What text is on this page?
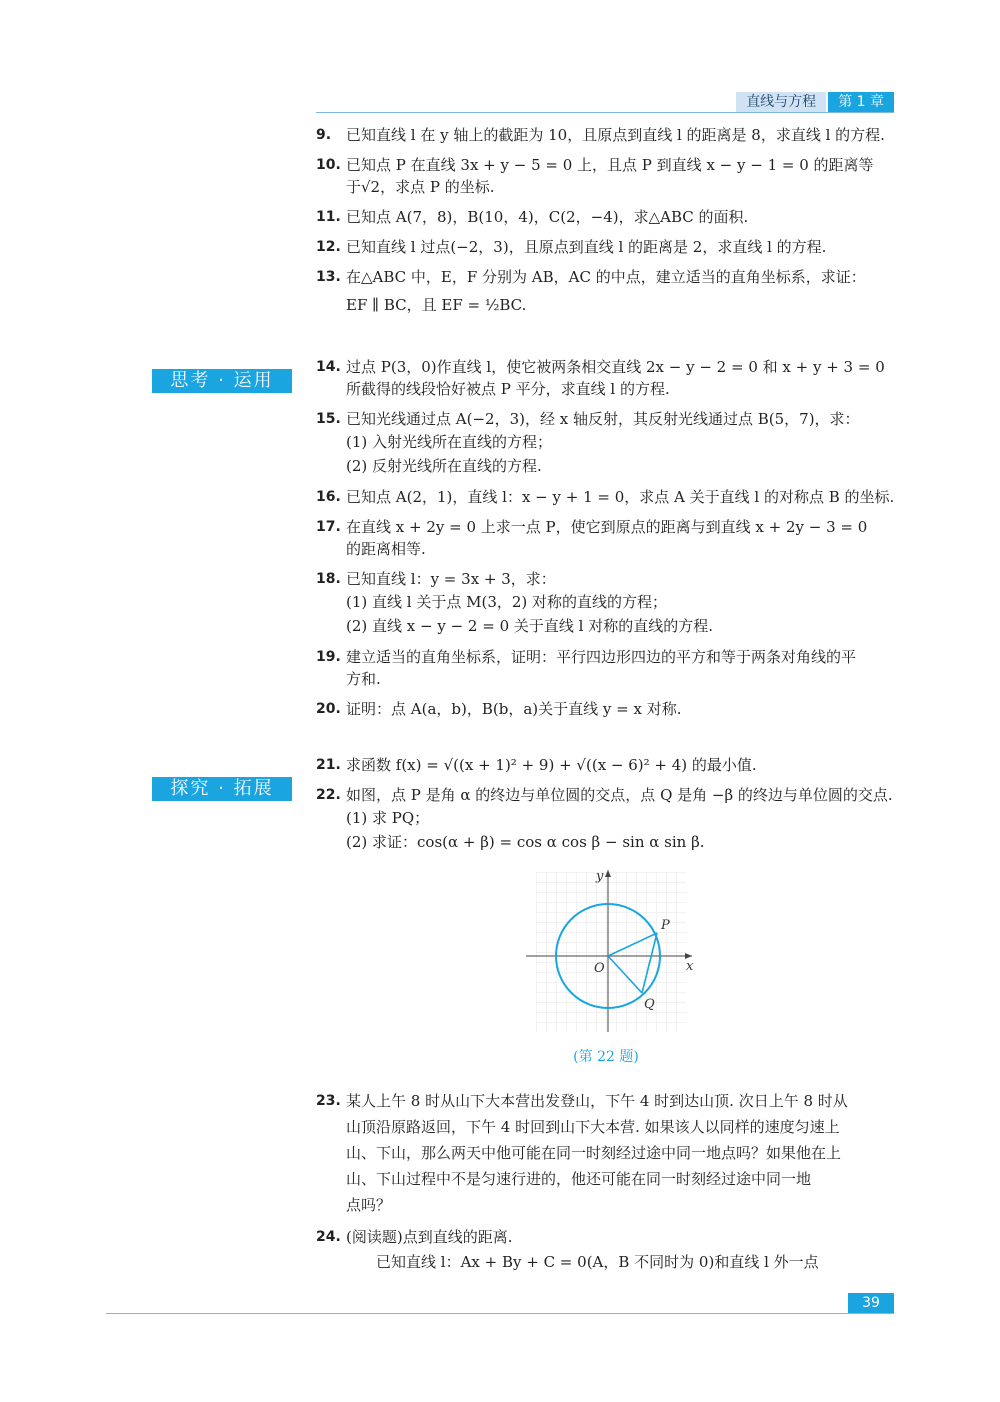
直线与方程	第 1 章
思考 · 运用
探究 · 拓展
9. 已知直线 l 在 y 轴上的截距为 10，且原点到直线 l 的距离是 8，求直线 l 的方程.
10. 已知点 P 在直线 3x + y − 5 = 0 上，且点 P 到直线 x − y − 1 = 0 的距离等
于√2，求点 P 的坐标.
11. 已知点 A(7，8)，B(10，4)，C(2，−4)，求△ABC 的面积.
12. 已知直线 l 过点(−2，3)，且原点到直线 l 的距离是 2，求直线 l 的方程.
13. 在△ABC 中，E，F 分别为 AB，AC 的中点，建立适当的直角坐标系，求证：
EF ∥ BC，且 EF = ½BC.
14. 过点 P(3，0)作直线 l，使它被两条相交直线 2x − y − 2 = 0 和 x + y + 3 = 0
所截得的线段恰好被点 P 平分，求直线 l 的方程.
15. 已知光线通过点 A(−2，3)，经 x 轴反射，其反射光线通过点 B(5，7)，求：
(1) 入射光线所在直线的方程；
(2) 反射光线所在直线的方程.
16. 已知点 A(2，1)，直线 l：x − y + 1 = 0，求点 A 关于直线 l 的对称点 B 的坐标.
17. 在直线 x + 2y = 0 上求一点 P，使它到原点的距离与到直线 x + 2y − 3 = 0
的距离相等.
18. 已知直线 l：y = 3x + 3，求：
(1) 直线 l 关于点 M(3，2) 对称的直线的方程；
(2) 直线 x − y − 2 = 0 关于直线 l 对称的直线的方程.
19. 建立适当的直角坐标系，证明：平行四边形四边的平方和等于两条对角线的平
方和.
20. 证明：点 A(a，b)，B(b，a)关于直线 y = x 对称.
21. 求函数 f(x) = √((x + 1)² + 9) + √((x − 6)² + 4) 的最小值.
22. 如图，点 P 是角 α 的终边与单位圆的交点，点 Q 是角 −β 的终边与单位圆的交点.
(1) 求 PQ；
(2) 求证：cos(α + β) = cos α cos β − sin α sin β.
x
y
O
P
Q
(第 22 题)
23. 某人上午 8 时从山下大本营出发登山，下午 4 时到达山顶. 次日上午 8 时从
山顶沿原路返回，下午 4 时回到山下大本营. 如果该人以同样的速度匀速上
山、下山，那么两天中他可能在同一时刻经过途中同一地点吗？如果他在上
山、下山过程中不是匀速行进的，他还可能在同一时刻经过途中同一地
点吗？
24. (阅读题)点到直线的距离.
已知直线 l：Ax + By + C = 0(A，B 不同时为 0)和直线 l 外一点
39
